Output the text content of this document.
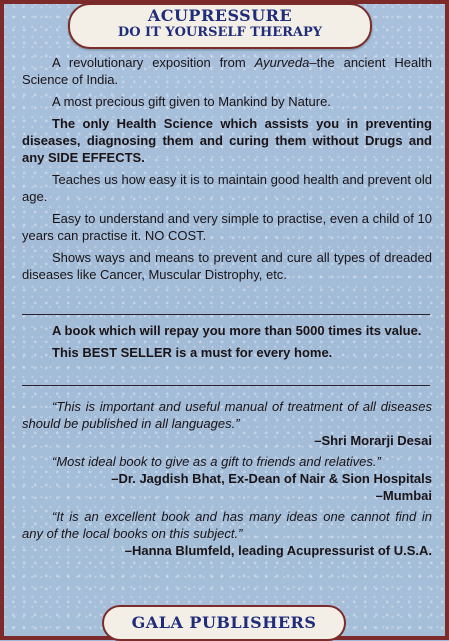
ACUPRESSURE
DO IT YOURSELF THERAPY

A revolutionary exposition from Ayurveda–the ancient Health Science of India.

A most precious gift given to Mankind by Nature.

The only Health Science which assists you in preventing diseases, diagnosing them and curing them without Drugs and any SIDE EFFECTS.

Teaches us how easy it is to maintain good health and prevent old age.

Easy to understand and very simple to practise, even a child of 10 years can practise it. NO COST.

Shows ways and means to prevent and cure all types of dreaded diseases like Cancer, Muscular Distrophy, etc.

A book which will repay you more than 5000 times its value.

This BEST SELLER is a must for every home.

“This is important and useful manual of treatment of all diseases should be published in all languages.”

–Shri Morarji Desai

“Most ideal book to give as a gift to friends and relatives.”

–Dr. Jagdish Bhat, Ex-Dean of Nair & Sion Hospitals

–Mumbai

“It is an excellent book and has many ideas one cannot find in any of the local books on this subject.”

–Hanna Blumfeld, leading Acupressurist of U.S.A.

GALA PUBLISHERS
